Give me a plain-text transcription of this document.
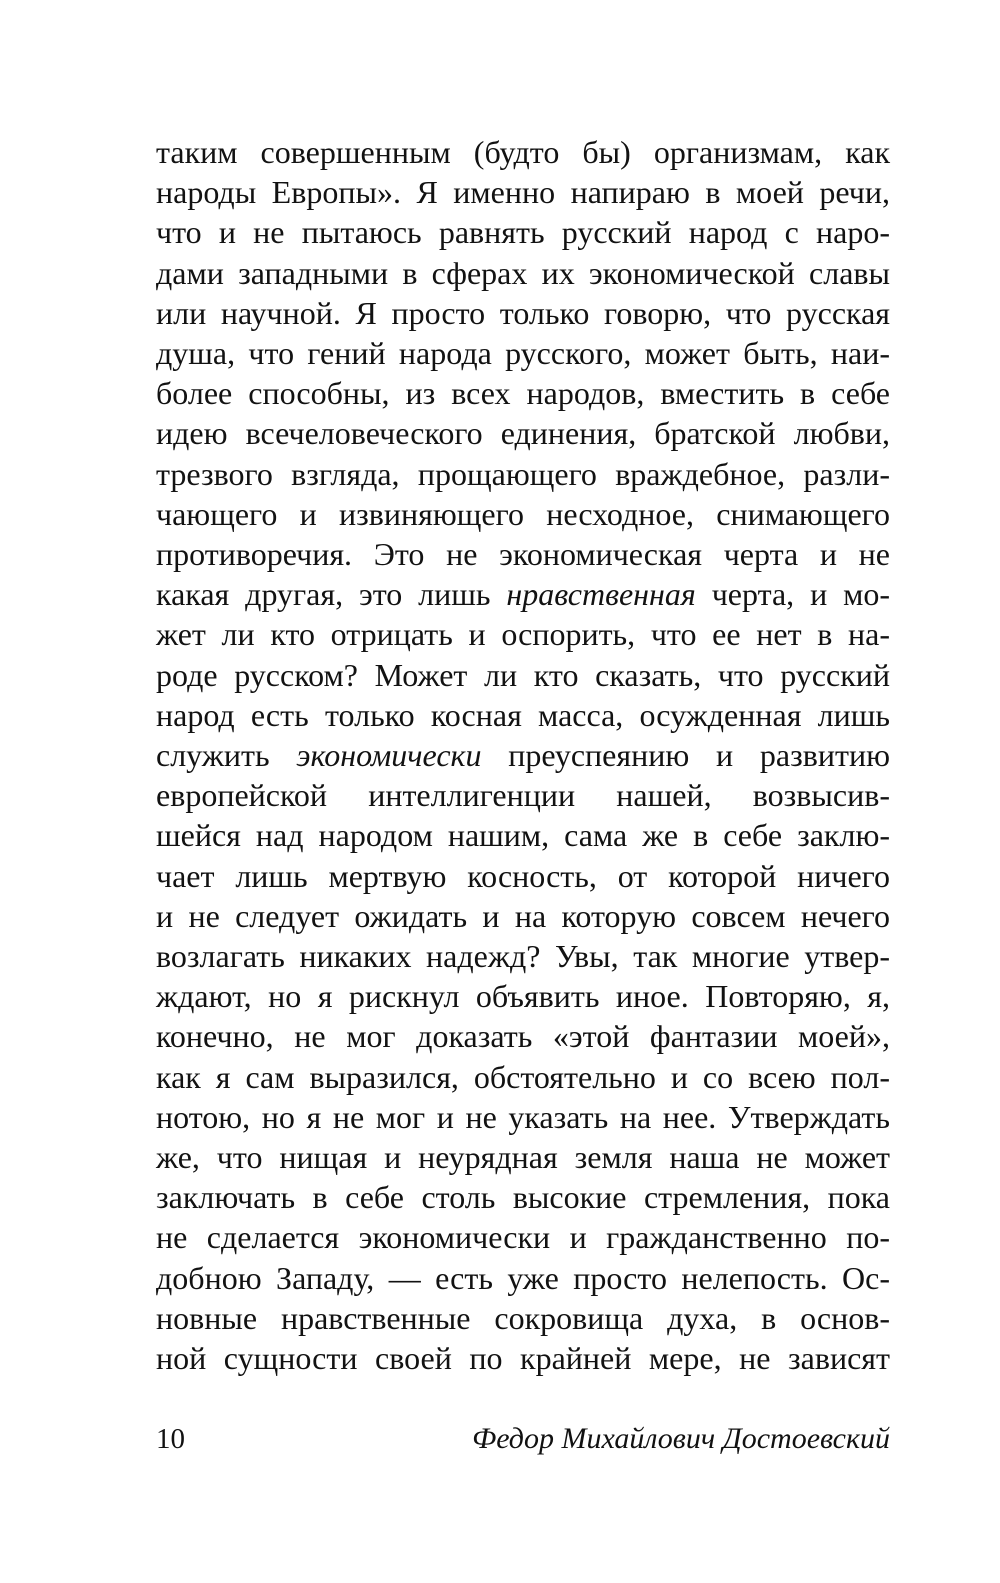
таким совершенным (будто бы) организмам, как
народы Европы». Я именно напираю в моей речи,
что и не пытаюсь равнять русский народ с наро-
дами западными в сферах их экономической славы
или научной. Я просто только говорю, что русская
душа, что гений народа русского, может быть, наи-
более способны, из всех народов, вместить в себе
идею всечеловеческого единения, братской любви,
трезвого взгляда, прощающего враждебное, разли-
чающего и извиняющего несходное, снимающего
противоречия. Это не экономическая черта и не
какая другая, это лишь нравственная черта, и мо-
жет ли кто отрицать и оспорить, что ее нет в на-
роде русском? Может ли кто сказать, что русский
народ есть только косная масса, осужденная лишь
служить экономически преуспеянию и развитию
европейской интеллигенции нашей, возвысив-
шейся над народом нашим, сама же в себе заклю-
чает лишь мертвую косность, от которой ничего
и не следует ожидать и на которую совсем нечего
возлагать никаких надежд? Увы, так многие утвер-
ждают, но я рискнул объявить иное. Повторяю, я,
конечно, не мог доказать «этой фантазии моей»,
как я сам выразился, обстоятельно и со всею пол-
нотою, но я не мог и не указать на нее. Утверждать
же, что нищая и неурядная земля наша не может
заключать в себе столь высокие стремления, пока
не сделается экономически и гражданственно по-
добною Западу, — есть уже просто нелепость. Ос-
новные нравственные сокровища духа, в основ-
ной сущности своей по крайней мере, не зависят
10	Федор Михайлович Достоевский
